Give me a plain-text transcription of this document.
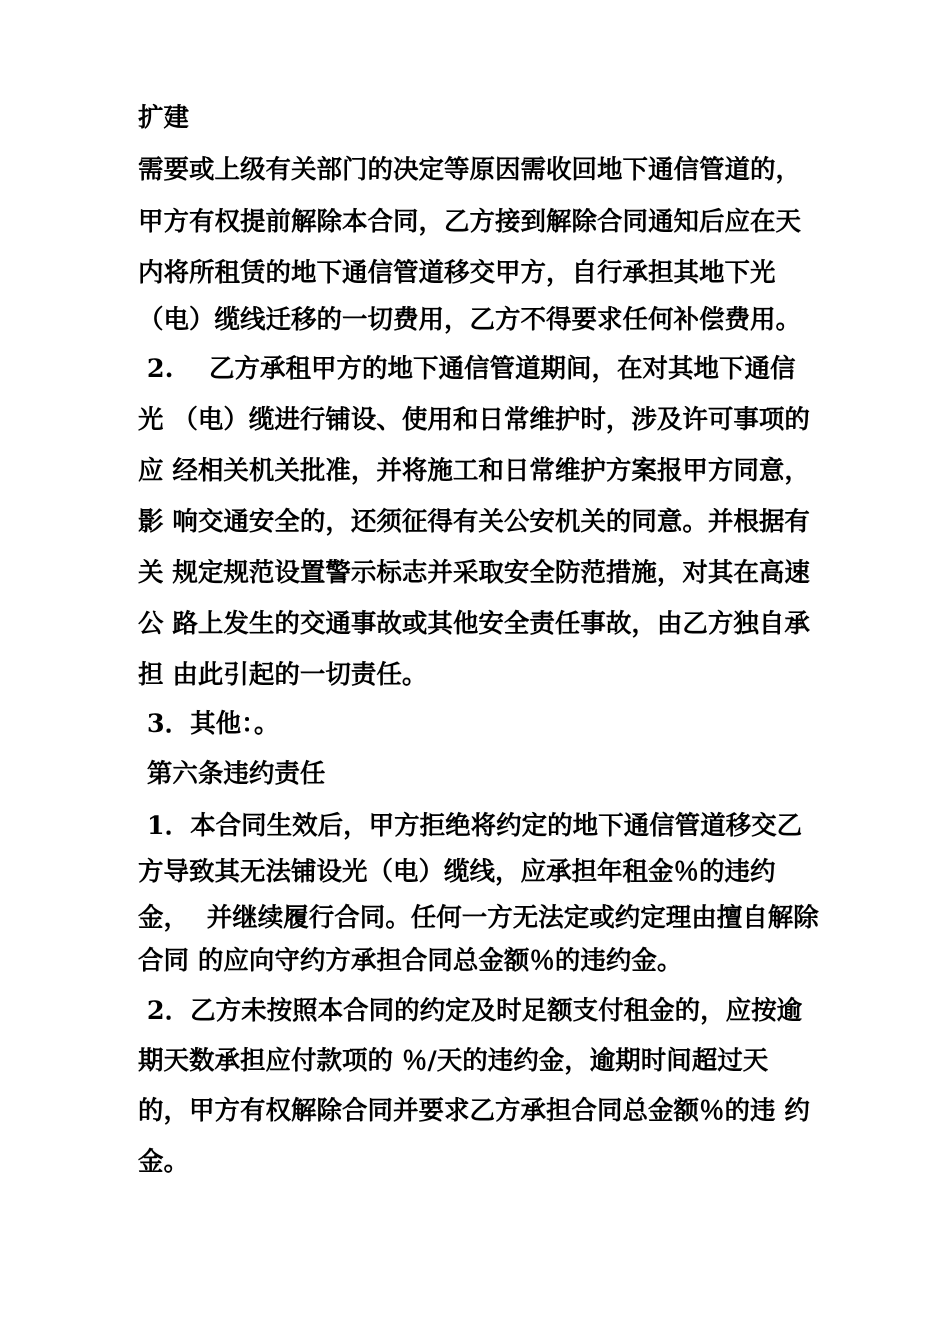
扩建
需要或上级有关部门的决定等原因需收回地下通信管道的，
甲方有权提前解除本合同，乙方接到解除合同通知后应在天
内将所租赁的地下通信管道移交甲方，自行承担其地下光
（电）缆线迁移的一切费用，乙方不得要求任何补偿费用。
2.    乙方承租甲方的地下通信管道期间，在对其地下通信
光 （电）缆进行铺设、使用和日常维护时，涉及许可事项的
应 经相关机关批准，并将施工和日常维护方案报甲方同意，
影 响交通安全的，还须征得有关公安机关的同意。并根据有
关 规定规范设置警示标志并采取安全防范措施，对其在高速
公 路上发生的交通事故或其他安全责任事故，由乙方独自承
担 由此引起的一切责任。
3．其他：。
第六条违约责任
1．本合同生效后，甲方拒绝将约定的地下通信管道移交乙
方导致其无法铺设光（电）缆线，应承担年租金％的违约
金，  并继续履行合同。任何一方无法定或约定理由擅自解除
合同 的应向守约方承担合同总金额％的违约金。
2．乙方未按照本合同的约定及时足额支付租金的，应按逾
期天数承担应付款项的 ％/天的违约金，逾期时间超过天
的，甲方有权解除合同并要求乙方承担合同总金额％的违 约
金。
